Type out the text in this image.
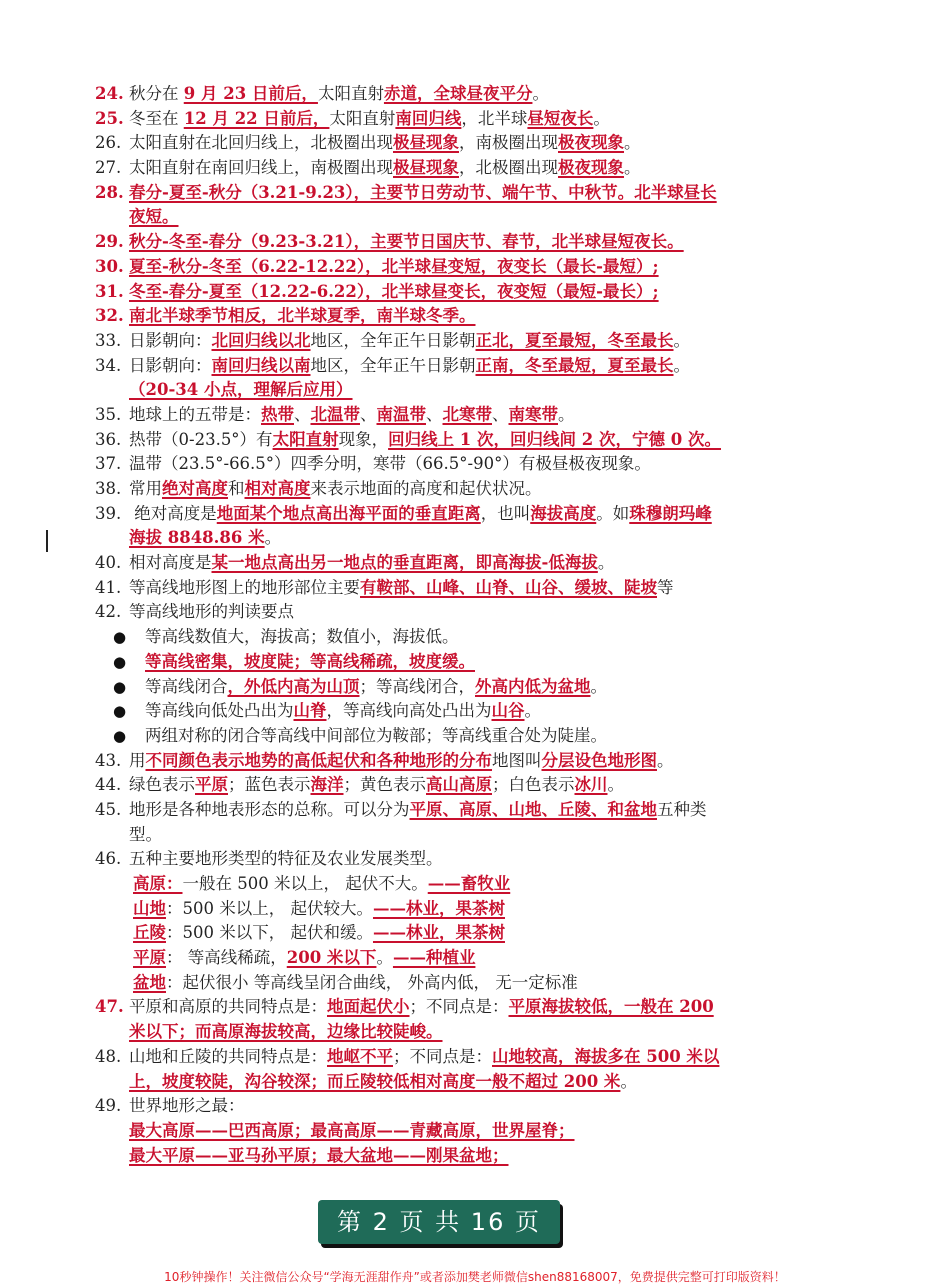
24. 秋分在 9 月 23 日前后，太阳直射赤道，全球昼夜平分。
25. 冬至在 12 月 22 日前后，太阳直射南回归线，北半球昼短夜长。
26. 太阳直射在北回归线上，北极圈出现极昼现象，南极圈出现极夜现象。
27. 太阳直射在南回归线上，南极圈出现极昼现象，北极圈出现极夜现象。
28. 春分-夏至-秋分（3.21-9.23），主要节日劳动节、端午节、中秋节。北半球昼长
夜短。
29. 秋分-冬至-春分（9.23-3.21），主要节日国庆节、春节，北半球昼短夜长。
30. 夏至-秋分-冬至（6.22-12.22），北半球昼变短，夜变长（最长-最短）;
31. 冬至-春分-夏至（12.22-6.22），北半球昼变长，夜变短（最短-最长）;
32. 南北半球季节相反，北半球夏季，南半球冬季。
33. 日影朝向：北回归线以北地区，全年正午日影朝正北，夏至最短，冬至最长。
34. 日影朝向：南回归线以南地区，全年正午日影朝正南，冬至最短，夏至最长。
（20-34 小点，理解后应用）
35. 地球上的五带是：热带、北温带、南温带、北寒带、南寒带。
36. 热带（0-23.5°）有太阳直射现象，回归线上 1 次，回归线间 2 次，宁德 0 次。
37. 温带（23.5°-66.5°）四季分明，寒带（66.5°-90°）有极昼极夜现象。
38. 常用绝对高度和相对高度来表示地面的高度和起伏状况。
39. 绝对高度是地面某个地点高出海平面的垂直距离，也叫海拔高度。如珠穆朗玛峰
海拔 8848.86 米。
40. 相对高度是某一地点高出另一地点的垂直距离，即高海拔-低海拔。
41. 等高线地形图上的地形部位主要有鞍部、山峰、山脊、山谷、缓坡、陡坡等
42. 等高线地形的判读要点
●等高线数值大，海拔高；数值小，海拔低。
●等高线密集，坡度陡；等高线稀疏，坡度缓。
●等高线闭合，外低内高为山顶；等高线闭合，外高内低为盆地。
●等高线向低处凸出为山脊，等高线向高处凸出为山谷。
●两组对称的闭合等高线中间部位为鞍部；等高线重合处为陡崖。
43. 用不同颜色表示地势的高低起伏和各种地形的分布地图叫分层设色地形图。
44. 绿色表示平原；蓝色表示海洋；黄色表示高山高原；白色表示冰川。
45. 地形是各种地表形态的总称。可以分为平原、高原、山地、丘陵、和盆地五种类
型。
46. 五种主要地形类型的特征及农业发展类型。
高原：一般在 500 米以上， 起伏不大。——畜牧业
山地：500 米以上， 起伏较大。——林业，果茶树
丘陵：500 米以下， 起伏和缓。——林业，果茶树
平原： 等高线稀疏，200 米以下。——种植业
盆地：起伏很小 等高线呈闭合曲线， 外高内低， 无一定标准
47. 平原和高原的共同特点是：地面起伏小；不同点是：平原海拔较低，一般在 200
米以下；而高原海拔较高，边缘比较陡峻。
48. 山地和丘陵的共同特点是：地岖不平；不同点是：山地较高，海拔多在 500 米以
上，坡度较陡，沟谷较深；而丘陵较低相对高度一般不超过 200 米。
49. 世界地形之最：
最大高原——巴西高原；最高高原——青藏高原，世界屋脊；
最大平原——亚马孙平原；最大盆地——刚果盆地；
第 2 页 共 16 页
10秒钟操作！关注微信公众号“学海无涯甜作舟”或者添加樊老师微信shen88168007，免费提供完整可打印版资料！
